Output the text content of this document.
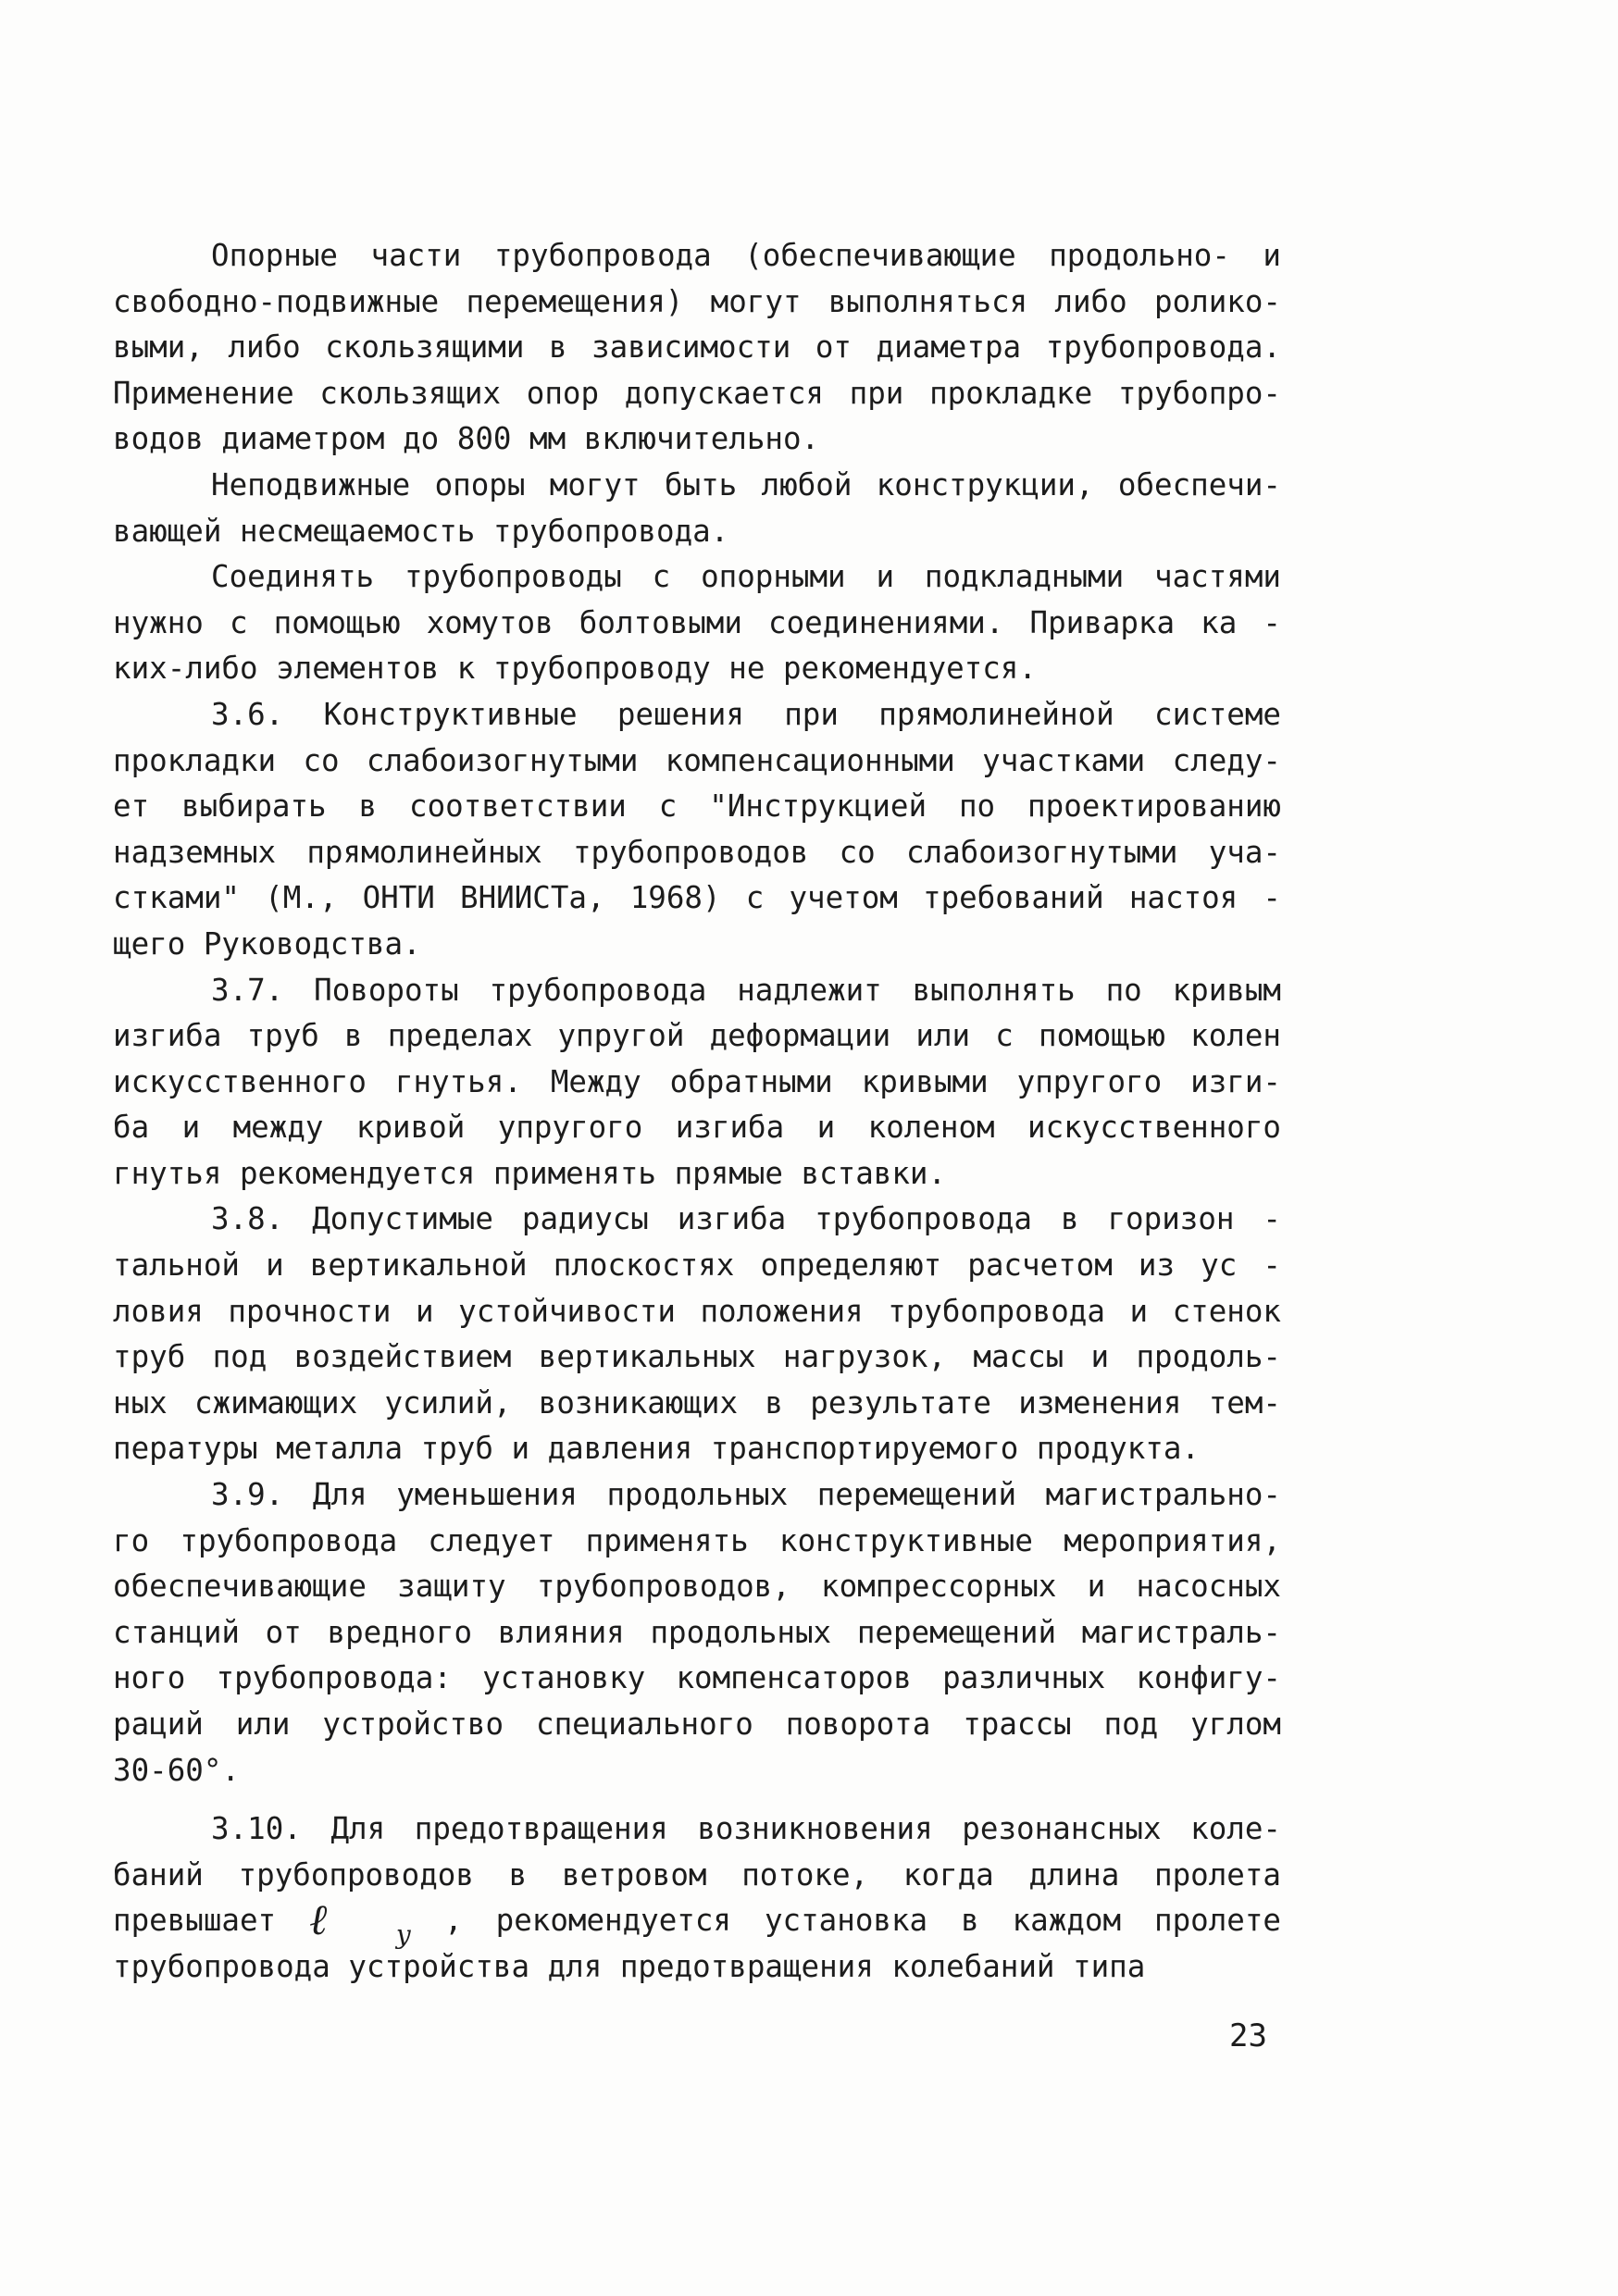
Опорные части трубопровода (обеспечивающие продольно- и
свободно-подвижные перемещения) могут выполняться либо ролико-
выми, либо скользящими в зависимости от диаметра трубопровода.
Применение скользящих опор допускается при прокладке трубопро-
водов диаметром до 800 мм включительно.
Неподвижные опоры могут быть любой конструкции, обеспечи-
вающей несмещаемость трубопровода.
Соединять трубопроводы с опорными и подкладными частями
нужно с помощью хомутов болтовыми соединениями. Приварка ка -
ких-либо элементов к трубопроводу не рекомендуется.
3.6. Конструктивные решения при прямолинейной системе
прокладки со слабоизогнутыми компенсационными участками следу-
ет выбирать в соответствии с "Инструкцией по проектированию
надземных прямолинейных трубопроводов со слабоизогнутыми уча-
стками" (М., ОНТИ ВНИИСТа, 1968) с учетом требований настоя -
щего Руководства.
3.7. Повороты трубопровода надлежит выполнять по кривым
изгиба труб в пределах упругой деформации или с помощью колен
искусственного гнутья. Между обратными кривыми упругого изги-
ба и между кривой упругого изгиба и коленом искусственного
гнутья рекомендуется применять прямые вставки.
3.8. Допустимые радиусы изгиба трубопровода в горизон -
тальной и вертикальной плоскостях определяют расчетом из ус -
ловия прочности и устойчивости положения трубопровода и стенок
труб под воздействием вертикальных нагрузок, массы и продоль-
ных сжимающих усилий, возникающих в результате изменения тем-
пературы металла труб и давления транспортируемого продукта.
3.9. Для уменьшения продольных перемещений магистрально-
го трубопровода следует применять конструктивные мероприятия,
обеспечивающие защиту трубопроводов, компрессорных и насосных
станций от вредного влияния продольных перемещений магистраль-
ного трубопровода: установку компенсаторов различных конфигу-
раций или устройство специального поворота трассы под углом
30-60°.
3.10. Для предотвращения возникновения резонансных коле-
баний трубопроводов в ветровом потоке, когда длина пролета
превышает ℓ$_у$ , рекомендуется установка в каждом пролете
трубопровода устройства для предотвращения колебаний типа
23
